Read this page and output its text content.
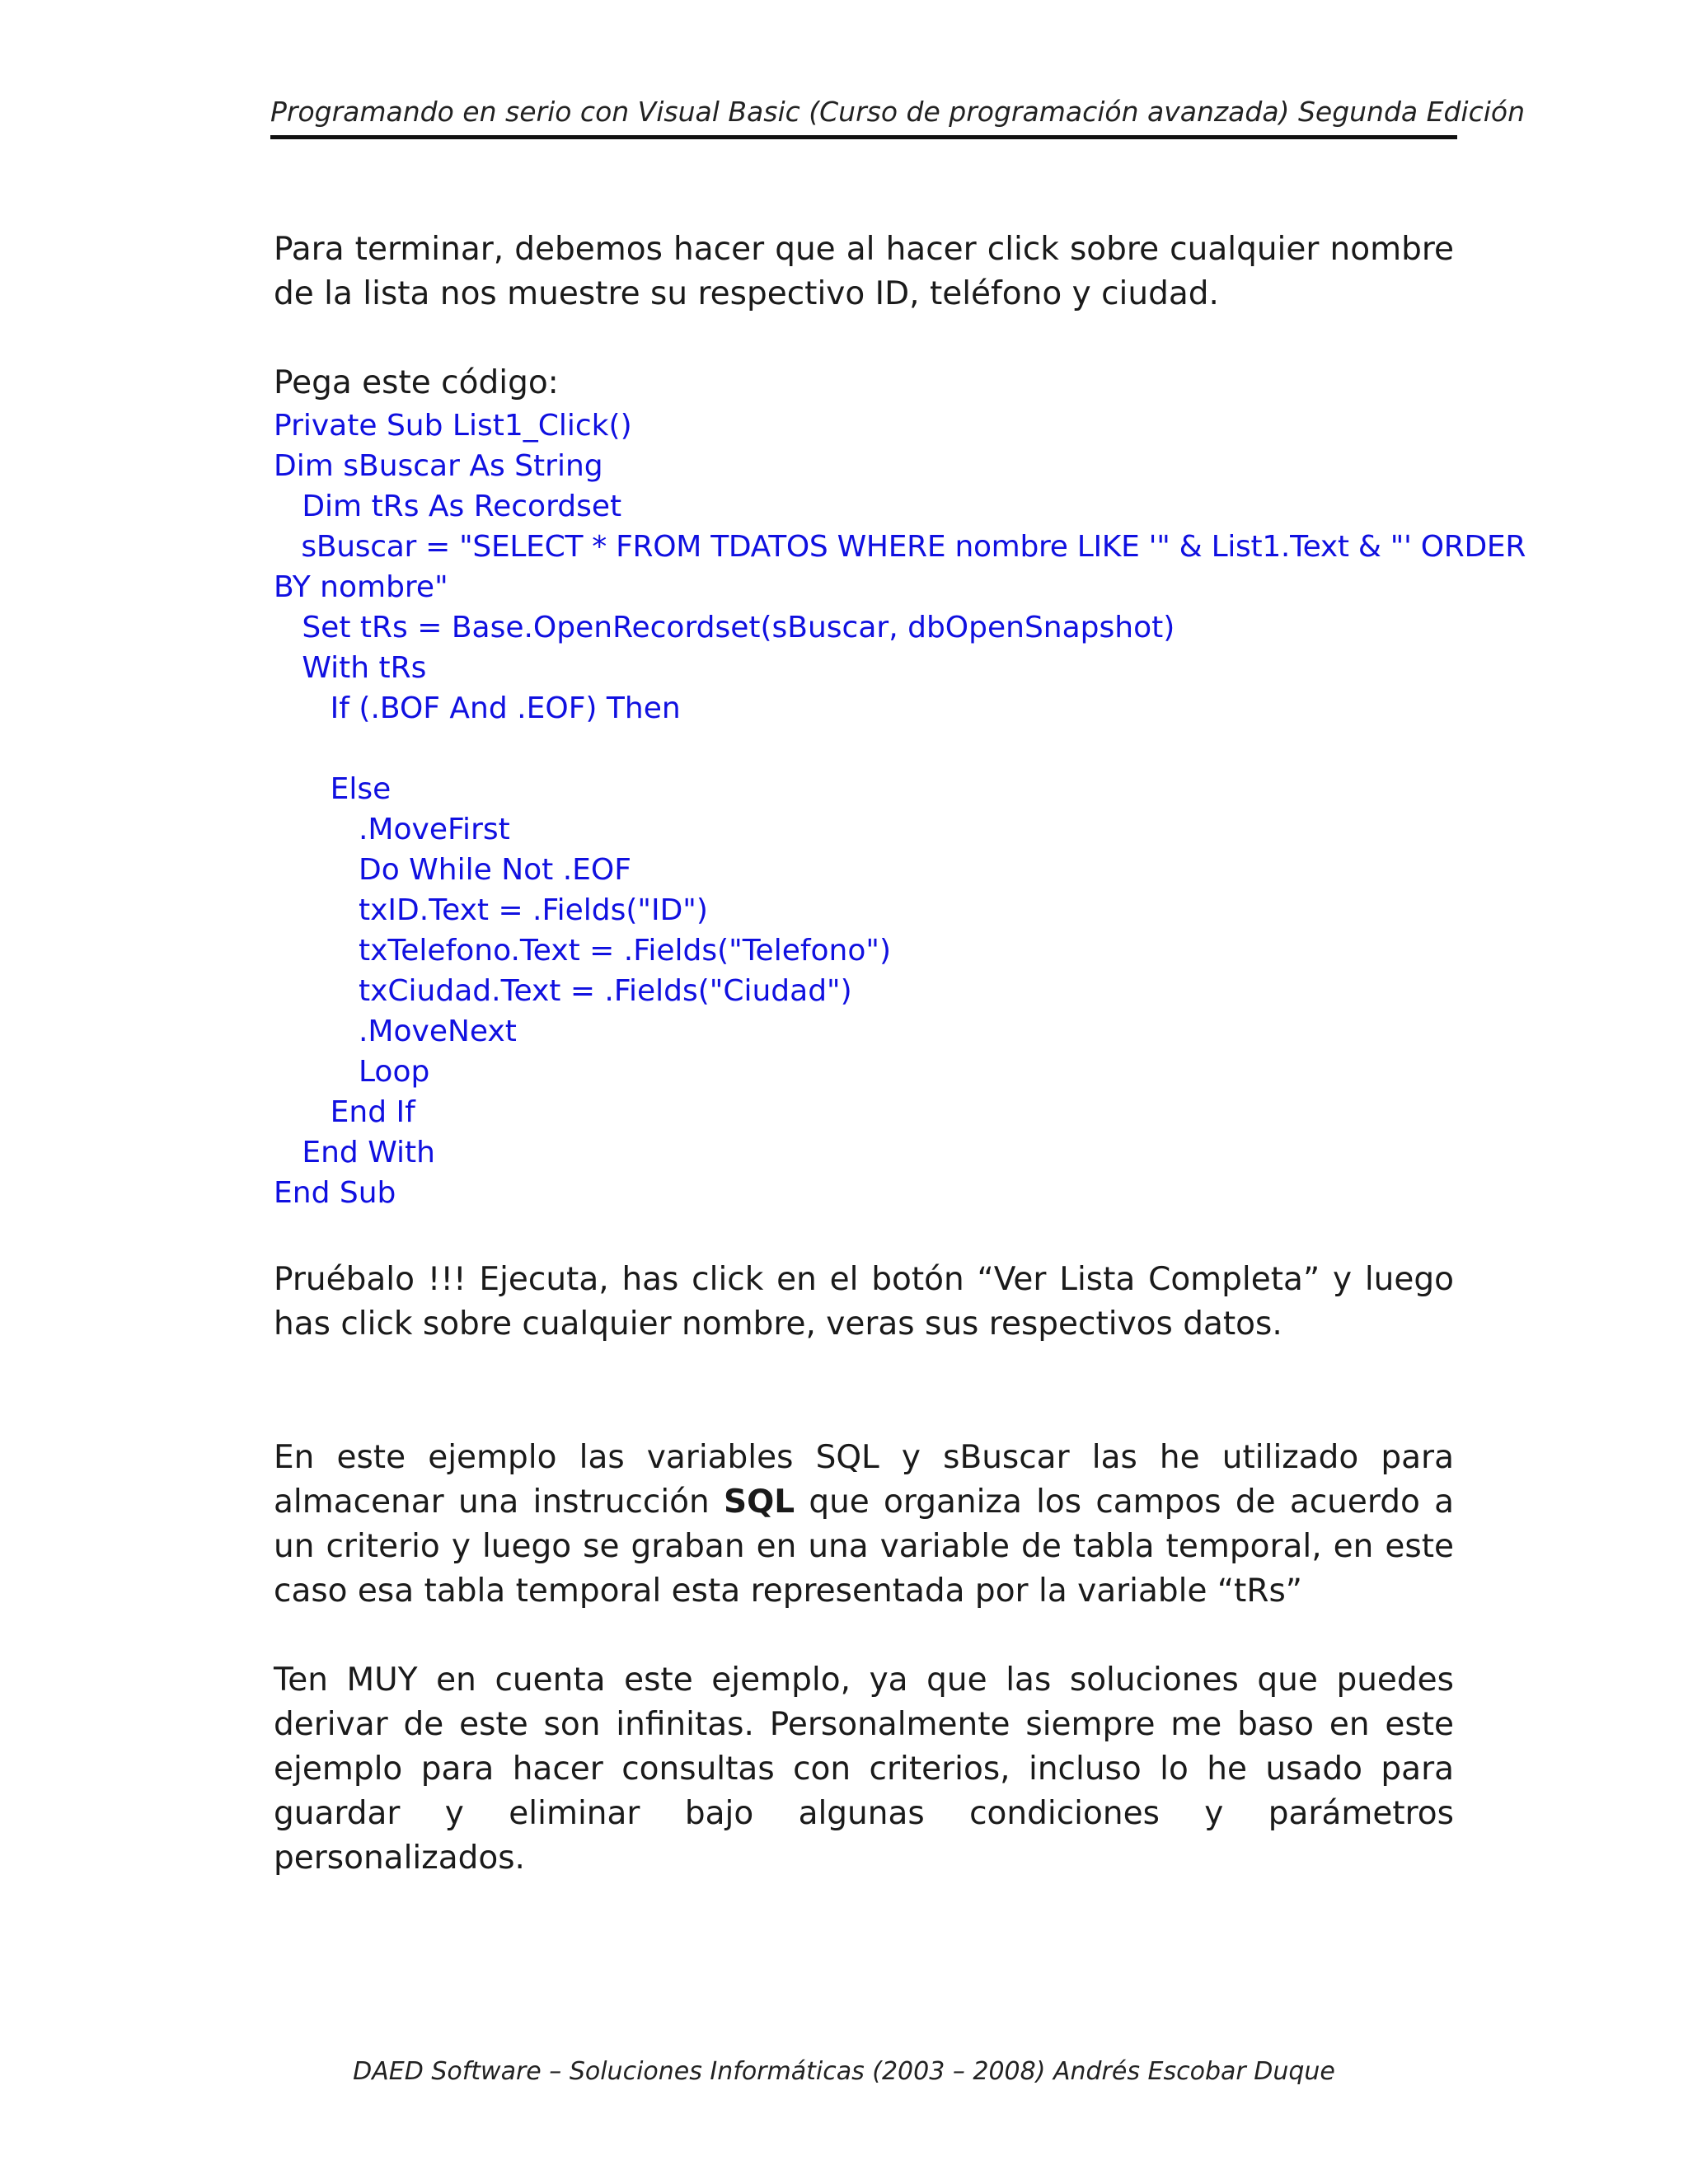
Programando en serio con Visual Basic (Curso de programación avanzada) Segunda Edición

Para terminar, debemos hacer que al hacer click sobre cualquier nombre de la lista nos muestre su respectivo ID, teléfono y ciudad.

Pega este código:

Private Sub List1_Click()
Dim sBuscar As String
Dim tRs As Recordset
sBuscar = "SELECT * FROM TDATOS WHERE nombre LIKE '" & List1.Text & "' ORDER
BY nombre"
Set tRs = Base.OpenRecordset(sBuscar, dbOpenSnapshot)
With tRs
If (.BOF And .EOF) Then
Else
.MoveFirst
Do While Not .EOF
txID.Text = .Fields("ID")
txTelefono.Text = .Fields("Telefono")
txCiudad.Text = .Fields("Ciudad")
.MoveNext
Loop
End If
End With
End Sub

Pruébalo !!! Ejecuta, has click en el botón “Ver Lista Completa” y luego has click sobre cualquier nombre, veras sus respectivos datos.

En este ejemplo las variables SQL y sBuscar las he utilizado para almacenar una instrucción SQL que organiza los campos de acuerdo a un criterio y luego se graban en una variable de tabla temporal, en este caso esa tabla temporal esta representada por la variable “tRs”

Ten MUY en cuenta este ejemplo, ya que las soluciones que puedes derivar de este son infinitas. Personalmente siempre me baso en este ejemplo para hacer consultas con criterios, incluso lo he usado para guardar y eliminar bajo algunas condiciones y parámetros personalizados.

DAED Software – Soluciones Informáticas (2003 – 2008) Andrés Escobar Duque
